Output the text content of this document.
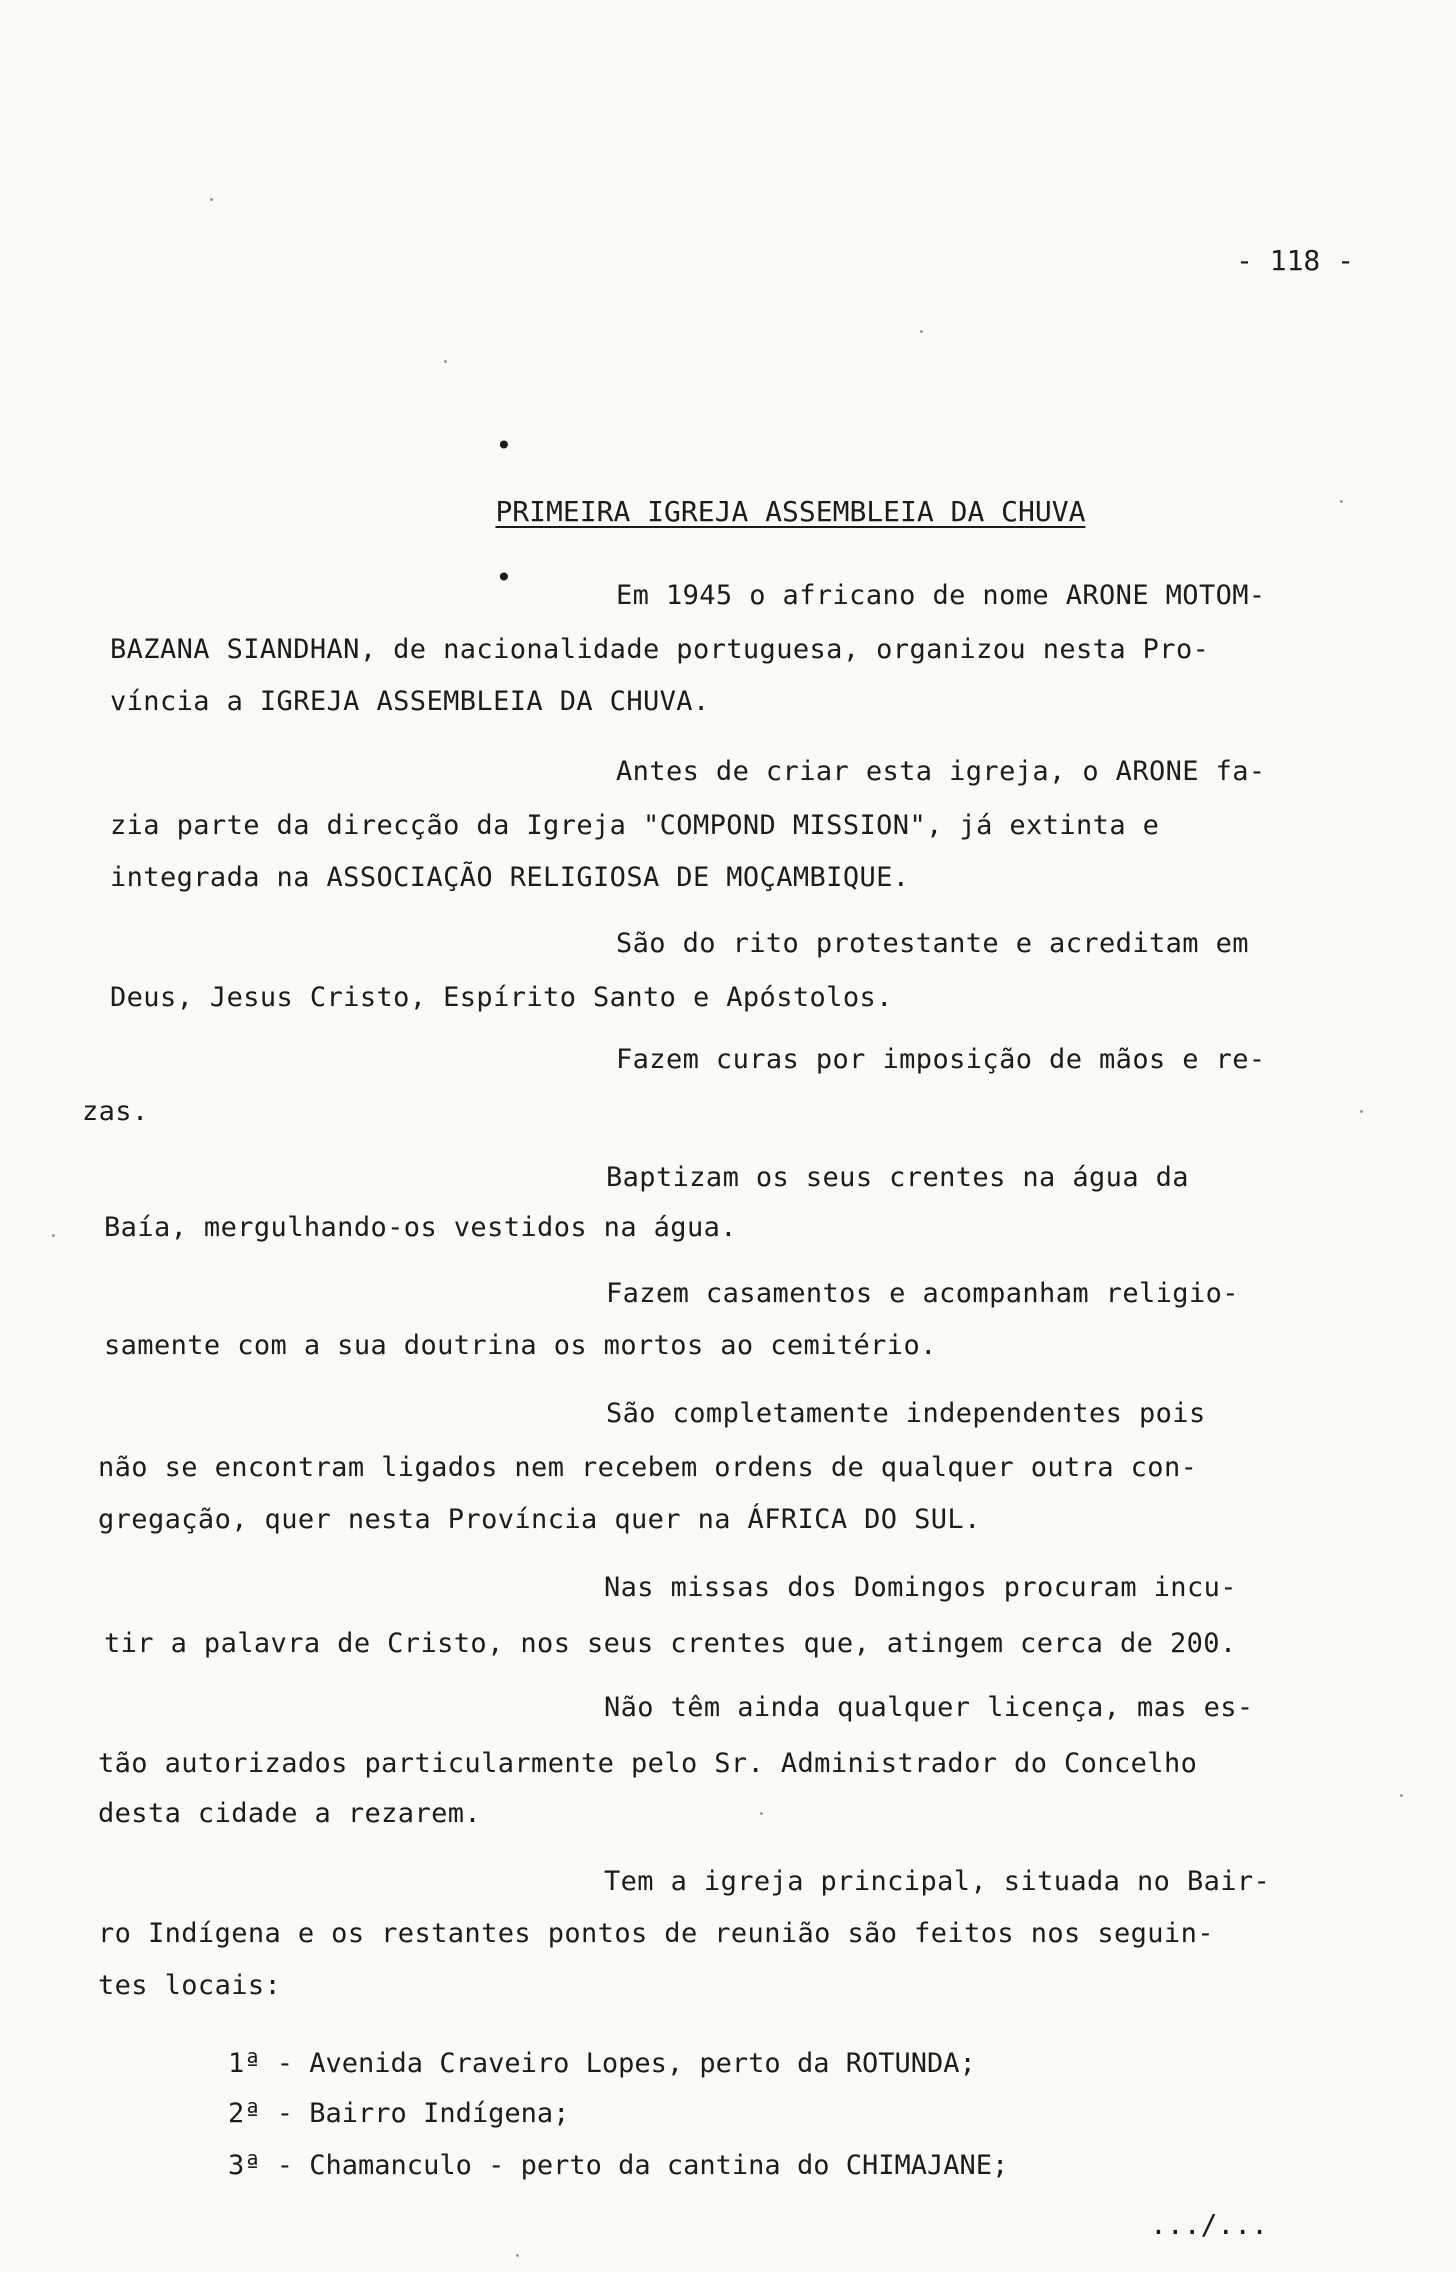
- 118 -

•

PRIMEIRA IGREJA ASSEMBLEIA DA CHUVA

•

Em 1945 o africano de nome ARONE MOTOM-
BAZANA SIANDHAN, de nacionalidade portuguesa, organizou nesta Pro-
víncia a IGREJA ASSEMBLEIA DA CHUVA.
Antes de criar esta igreja, o ARONE fa-
zia parte da direcção da Igreja "COMPOND MISSION", já extinta e
integrada na ASSOCIAÇÃO RELIGIOSA DE MOÇAMBIQUE.
São do rito protestante e acreditam em
Deus, Jesus Cristo, Espírito Santo e Apóstolos.
Fazem curas por imposição de mãos e re-
zas.
Baptizam os seus crentes na água da
Baía, mergulhando-os vestidos na água.
Fazem casamentos e acompanham religio-
samente com a sua doutrina os mortos ao cemitério.
São completamente independentes pois
não se encontram ligados nem recebem ordens de qualquer outra con-
gregação, quer nesta Província quer na ÁFRICA DO SUL.
Nas missas dos Domingos procuram incu-
tir a palavra de Cristo, nos seus crentes que, atingem cerca de 200.
Não têm ainda qualquer licença, mas es-
tão autorizados particularmente pelo Sr. Administrador do Concelho
desta cidade a rezarem.
Tem a igreja principal, situada no Bair-
ro Indígena e os restantes pontos de reunião são feitos nos seguin-
tes locais:
1ª - Avenida Craveiro Lopes, perto da ROTUNDA;
2ª - Bairro Indígena;
3ª - Chamanculo - perto da cantina do CHIMAJANE;
.../...
